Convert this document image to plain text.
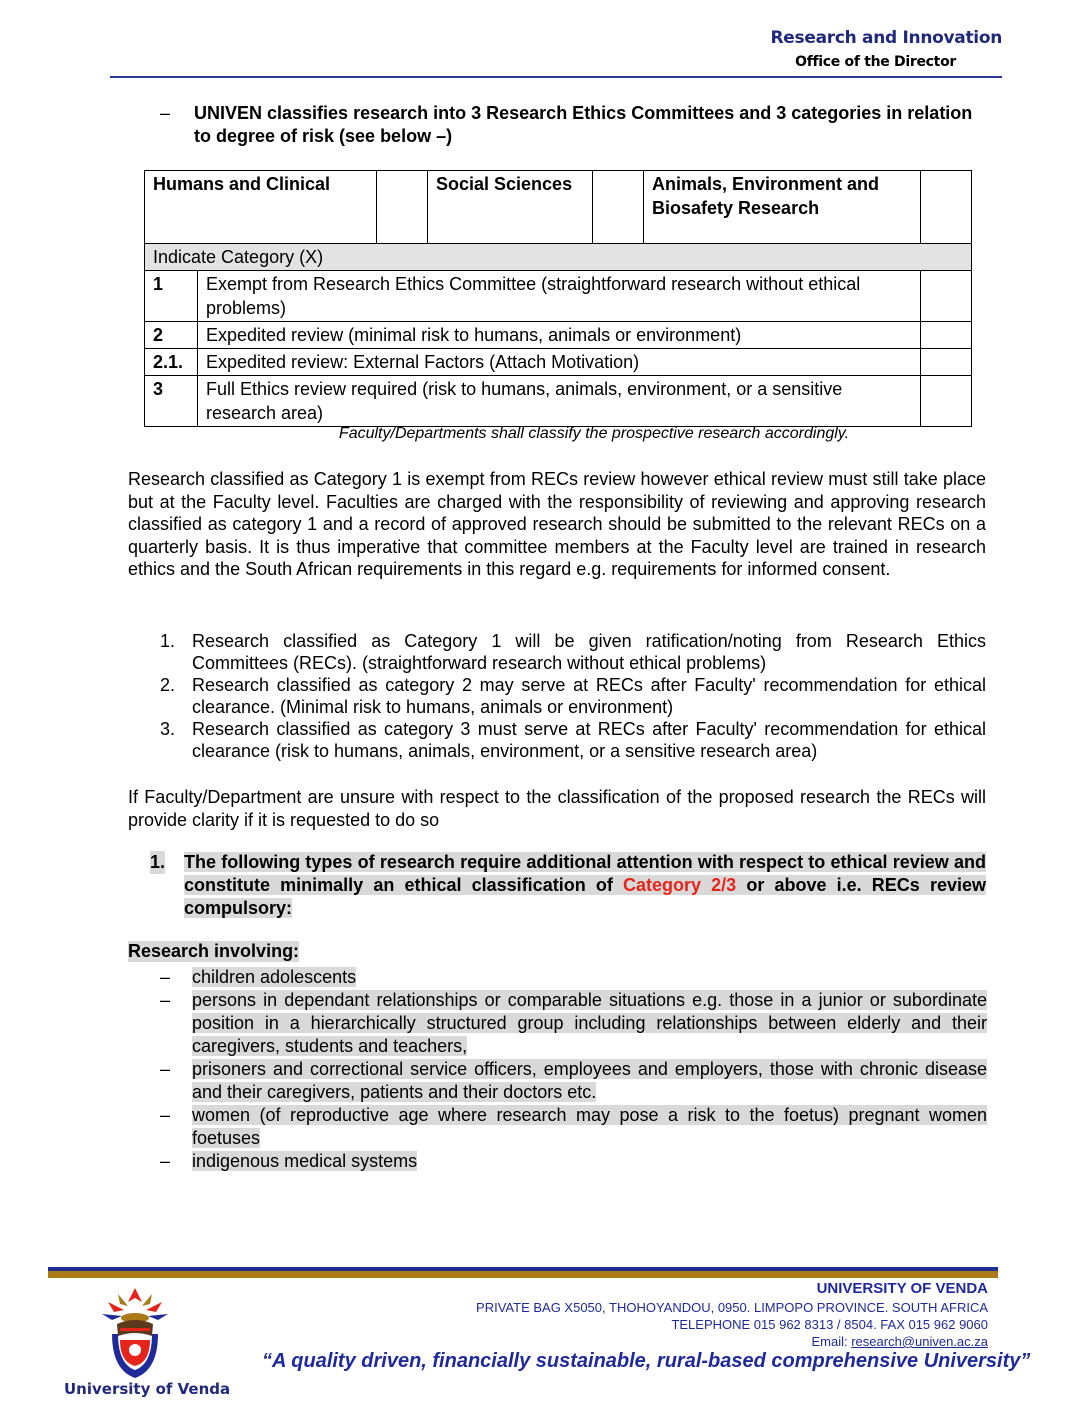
Research and Innovation
Office of the Director
– UNIVEN classifies research into 3 Research Ethics Committees and 3 categories in relation to degree of risk (see below –)
Humans and Clinical			Social Sciences		Animals, Environment and Biosafety Research	
Indicate Category (X)						
1	Exempt from Research Ethics Committee (straightforward research without ethical problems)					
2	Expedited review (minimal risk to humans, animals or environment)					
2.1.	Expedited review: External Factors (Attach Motivation)					
3	Full Ethics review required (risk to humans, animals, environment, or a sensitive research area)					
Faculty/Departments shall classify the prospective research accordingly.
Research classified as Category 1 is exempt from RECs review however ethical review must still take place but at the Faculty level. Faculties are charged with the responsibility of reviewing and approving research classified as category 1 and a record of approved research should be submitted to the relevant RECs on a quarterly basis. It is thus imperative that committee members at the Faculty level are trained in research ethics and the South African requirements in this regard e.g. requirements for informed consent.
1. Research classified as Category 1 will be given ratification/noting from Research Ethics Committees (RECs). (straightforward research without ethical problems)
2. Research classified as category 2 may serve at RECs after Faculty' recommendation for ethical clearance. (Minimal risk to humans, animals or environment)
3. Research classified as category 3 must serve at RECs after Faculty' recommendation for ethical clearance (risk to humans, animals, environment, or a sensitive research area)
If Faculty/Department are unsure with respect to the classification of the proposed research the RECs will provide clarity if it is requested to do so
1. The following types of research require additional attention with respect to ethical review and constitute minimally an ethical classification of Category 2/3 or above i.e. RECs review compulsory:
Research involving:
– children adolescents
– persons in dependant relationships or comparable situations e.g. those in a junior or subordinate position in a hierarchically structured group including relationships between elderly and their caregivers, students and teachers,
– prisoners and correctional service officers, employees and employers, those with chronic disease and their caregivers, patients and their doctors etc.
– women (of reproductive age where research may pose a risk to the foetus) pregnant women foetuses
– indigenous medical systems
University of Venda
UNIVERSITY OF VENDA
PRIVATE BAG X5050, THOHOYANDOU, 0950. LIMPOPO PROVINCE. SOUTH AFRICA
TELEPHONE 015 962 8313 / 8504. FAX 015 962 9060
Email: research@univen.ac.za
“A quality driven, financially sustainable, rural-based comprehensive University”
